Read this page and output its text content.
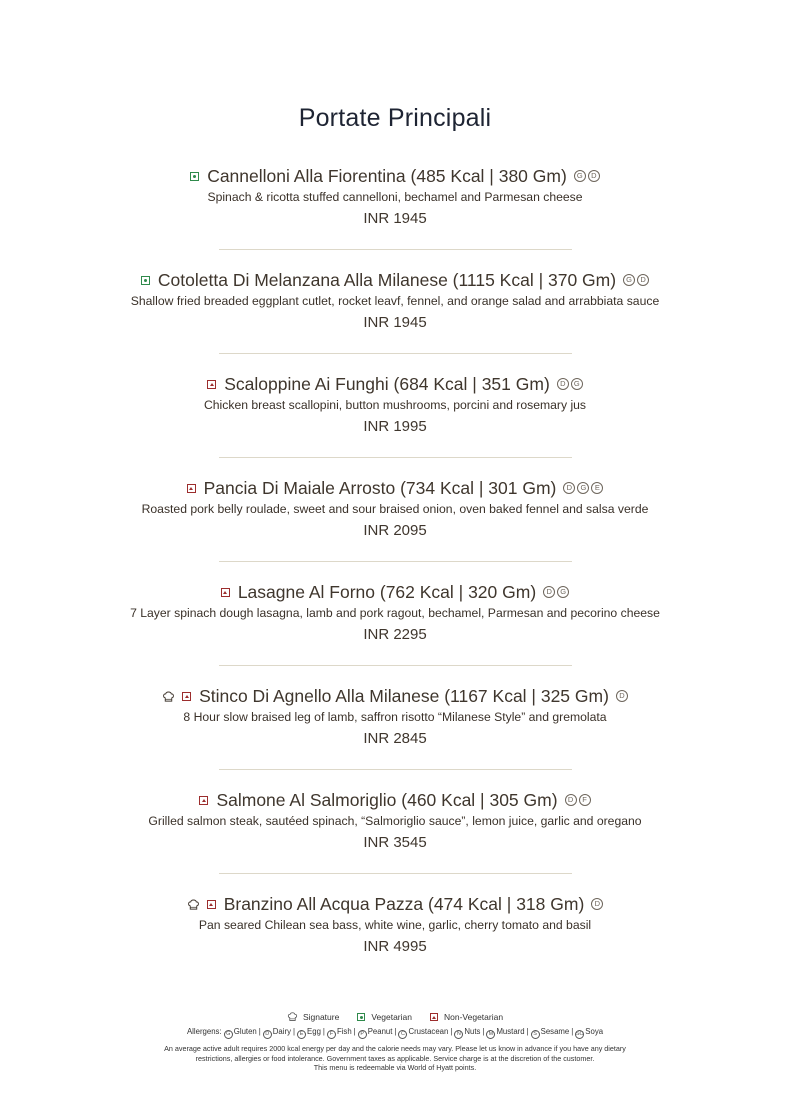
Portate Principali
Cannelloni Alla Fiorentina (485 Kcal | 380 Gm)	G	D
Spinach & ricotta stuffed cannelloni, bechamel and Parmesan cheese
INR 1945
Cotoletta Di Melanzana Alla Milanese (1115 Kcal | 370 Gm)	G	D
Shallow fried breaded eggplant cutlet, rocket leavf, fennel, and orange salad and arrabbiata sauce
INR 1945
Scaloppine Ai Funghi (684 Kcal | 351 Gm)	D	G
Chicken breast scallopini, button mushrooms, porcini and rosemary jus
INR 1995
Pancia Di Maiale Arrosto (734 Kcal | 301 Gm)	D	G	E
Roasted pork belly roulade, sweet and sour braised onion, oven baked fennel and salsa verde
INR 2095
Lasagne Al Forno (762 Kcal | 320 Gm)	D	G
7 Layer spinach dough lasagna, lamb and pork ragout, bechamel, Parmesan and pecorino cheese
INR 2295
Stinco Di Agnello Alla Milanese (1167 Kcal | 325 Gm)	D
8 Hour slow braised leg of lamb, saffron risotto “Milanese Style” and gremolata
INR 2845
Salmone Al Salmoriglio (460 Kcal | 305 Gm)	D	F
Grilled salmon steak, sautéed spinach, “Salmoriglio sauce”, lemon juice, garlic and oregano
INR 3545
Branzino All Acqua Pazza (474 Kcal | 318 Gm)	D
Pan seared Chilean sea bass, white wine, garlic, cherry tomato and basil
INR 4995
Signature	Vegetarian	Non-Vegetarian
Allergens: G Gluten | D Dairy | E Egg | F Fish | P Peanut | C Crustacean | N Nuts | M Mustard | S Sesame | SO Soya
An average active adult requires 2000 kcal energy per day and the calorie needs may vary. Please let us know in advance if you have any dietary
restrictions, allergies or food intolerance. Government taxes as applicable. Service charge is at the discretion of the customer.
This menu is redeemable via World of Hyatt points.
